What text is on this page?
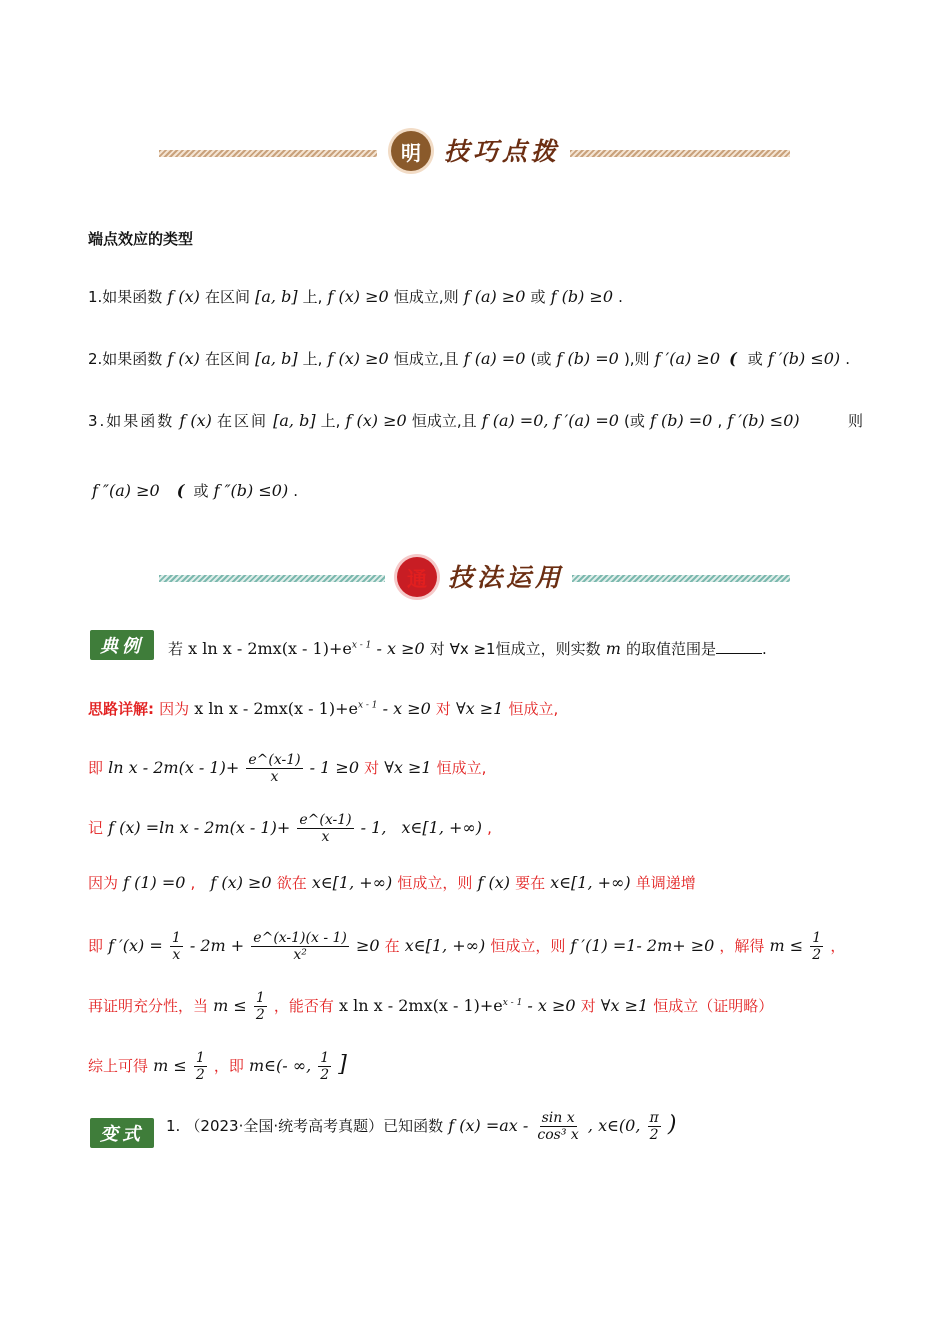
明 技巧点拨
端点效应的类型
1.如果函数 f (x) 在区间 [a, b] 上, f (x) ≥0 恒成立,则 f (a) ≥0 或 f (b) ≥0 .
2.如果函数 f (x) 在区间 [a, b] 上, f (x) ≥0 恒成立,且 f (a) =0 (或 f (b) =0 ),则 f ′(a) ≥0 ( 或 f ′(b) ≤0) .
3.如果函数 f (x) 在区间 [a, b] 上, f (x) ≥0 恒成立,且 f (a) =0, f ′(a) =0 (或 f (b) =0 , f ′(b) ≤0)	则
f ″(a) ≥0 ( 或 f ″(b) ≤0) .
通 技法运用
典例	若 x $\ln x - 2mx(x - 1)+e^{x - 1} - x \ge 0$ 对 ∀x ≥1恒成立，则实数 m 的取值范围是	.
思路详解: 因为 x $\ln x - 2mx(x - 1)+e^{x - 1} - x \ge 0$ 对 ∀x ≥1 恒成立,
即 $\ln x - 2m(x - 1)+ \frac{e\^{}(x-1)}{x} - 1 \ge 0$ 对 ∀x ≥1 恒成立,
记 f (x) =ln $x - 2m(x - 1)+ \frac{e\^{}(x-1)}{x} - 1$, x∈[1, +∞) ,
因为 f (1) =0 , f (x) ≥0 欲在 x∈[1, +∞) 恒成立，则 f (x) 要在 x∈[1, +∞) 单调递增
即 f $'(x) = \frac{1}{x} - 2m + \frac{e\^{}(x-1)(x - 1)}{\text{x²}} \ge 0$ 在 x∈[1, +∞) 恒成立，则 f ′(1) =1- 2m+ ≥0 ，解得 $m \le \frac{1}{2}$ ，
再证明充分性，当 $m \le \frac{1}{2}$ ，能否有 x $\ln x - 2mx(x - 1)+e^{x - 1} - x \ge 0$ 对 ∀x ≥1 恒成立（证明略）
综上可得 $m \le \frac{1}{2}$ ，即 m∈(- ∞, $\frac{1}{2}$ ]
变式	1. （2023·全国·统考高考真题）已知函数 f $(x) =ax - \frac{\text{sin x}}{\text{cos³ x}}$ , x∈(0, $\frac{\pi}{2}$ )
